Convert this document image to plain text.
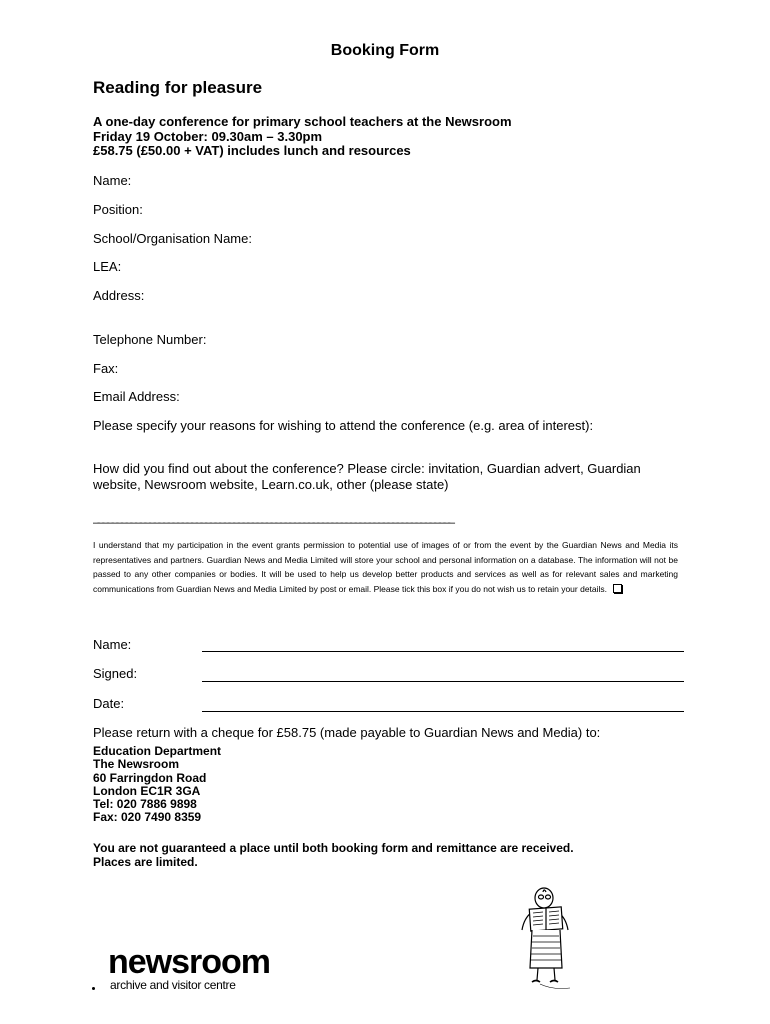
Booking Form
Reading for pleasure
A one-day conference for primary school teachers at the Newsroom
Friday 19 October: 09.30am – 3.30pm
£58.75 (£50.00 + VAT) includes lunch and resources
Name:
Position:
School/Organisation Name:
LEA:
Address:
Telephone Number:
Fax:
Email Address:
Please specify your reasons for wishing to attend the conference (e.g. area of interest):
How did you find out about the conference? Please circle: invitation, Guardian advert, Guardian website, Newsroom website, Learn.co.uk, other (please state)
_____________________________________________________________________________
I understand that my participation in the event grants permission to potential use of images of or from the event by the Guardian News and Media its representatives and partners. Guardian News and Media Limited will store your school and personal information on a database. The information will not be passed to any other companies or bodies. It will be used to help us develop better products and services as well as for relevant sales and marketing communications from Guardian News and Media Limited by post or email. Please tick this box if you do not wish us to retain your details.
Name:
Signed:
Date:
Please return with a cheque for £58.75 (made payable to Guardian News and Media) to:
Education Department
The Newsroom
60 Farringdon Road
London EC1R 3GA
Tel: 020 7886 9898
Fax: 020 7490 8359
You are not guaranteed a place until both booking form and remittance are received.
Places are limited.
newsroom
archive and visitor centre
